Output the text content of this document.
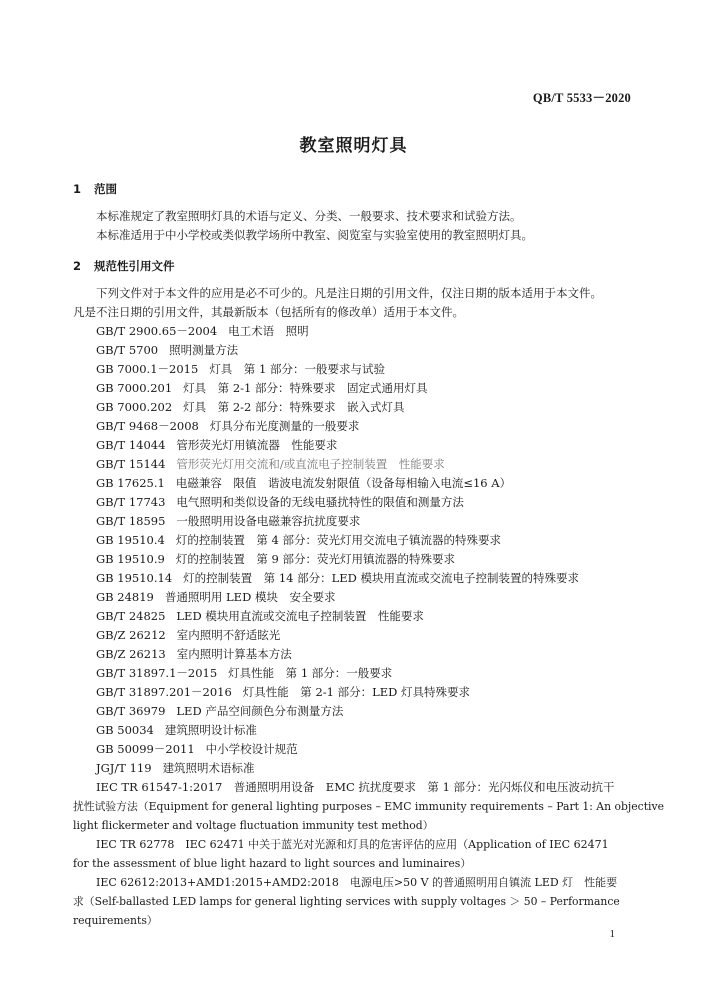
QB/T 5533－2020
教室照明灯具
1 范围
本标准规定了教室照明灯具的术语与定义、分类、一般要求、技术要求和试验方法。
本标准适用于中小学校或类似教学场所中教室、阅览室与实验室使用的教室照明灯具。
2 规范性引用文件
下列文件对于本文件的应用是必不可少的。凡是注日期的引用文件，仅注日期的版本适用于本文件。
凡是不注日期的引用文件，其最新版本（包括所有的修改单）适用于本文件。
GB/T 2900.65－2004 电工术语　照明
GB/T 5700 照明测量方法
GB 7000.1－2015 灯具　第 1 部分：一般要求与试验
GB 7000.201 灯具　第 2-1 部分：特殊要求　固定式通用灯具
GB 7000.202 灯具　第 2-2 部分：特殊要求　嵌入式灯具
GB/T 9468－2008 灯具分布光度测量的一般要求
GB/T 14044 管形荧光灯用镇流器　性能要求
GB/T 15144 管形荧光灯用交流和/或直流电子控制装置　性能要求
GB 17625.1 电磁兼容　限值　谐波电流发射限值（设备每相输入电流≤16 A）
GB/T 17743 电气照明和类似设备的无线电骚扰特性的限值和测量方法
GB/T 18595 一般照明用设备电磁兼容抗扰度要求
GB 19510.4 灯的控制装置　第 4 部分：荧光灯用交流电子镇流器的特殊要求
GB 19510.9 灯的控制装置　第 9 部分：荧光灯用镇流器的特殊要求
GB 19510.14 灯的控制装置　第 14 部分：LED 模块用直流或交流电子控制装置的特殊要求
GB 24819 普通照明用 LED 模块　安全要求
GB/T 24825 LED 模块用直流或交流电子控制装置　性能要求
GB/Z 26212 室内照明不舒适眩光
GB/Z 26213 室内照明计算基本方法
GB/T 31897.1－2015 灯具性能　第 1 部分：一般要求
GB/T 31897.201－2016 灯具性能　第 2-1 部分：LED 灯具特殊要求
GB/T 36979 LED 产品空间颜色分布测量方法
GB 50034 建筑照明设计标准
GB 50099－2011 中小学校设计规范
JGJ/T 119 建筑照明术语标准
IEC TR 61547-1:2017　普通照明用设备　EMC 抗扰度要求　第 1 部分：光闪烁仪和电压波动抗干
扰性试验方法（Equipment for general lighting purposes – EMC immunity requirements – Part 1: An objective
light flickermeter and voltage fluctuation immunity test method）
IEC TR 62778　IEC 62471 中关于蓝光对光源和灯具的危害评估的应用（Application of IEC 62471
for the assessment of blue light hazard to light sources and luminaires）
IEC 62612:2013+AMD1:2015+AMD2:2018　电源电压>50 V 的普通照明用自镇流 LED 灯　性能要
求（Self-ballasted LED lamps for general lighting services with supply voltages ＞ 50 – Performance
requirements）
1
